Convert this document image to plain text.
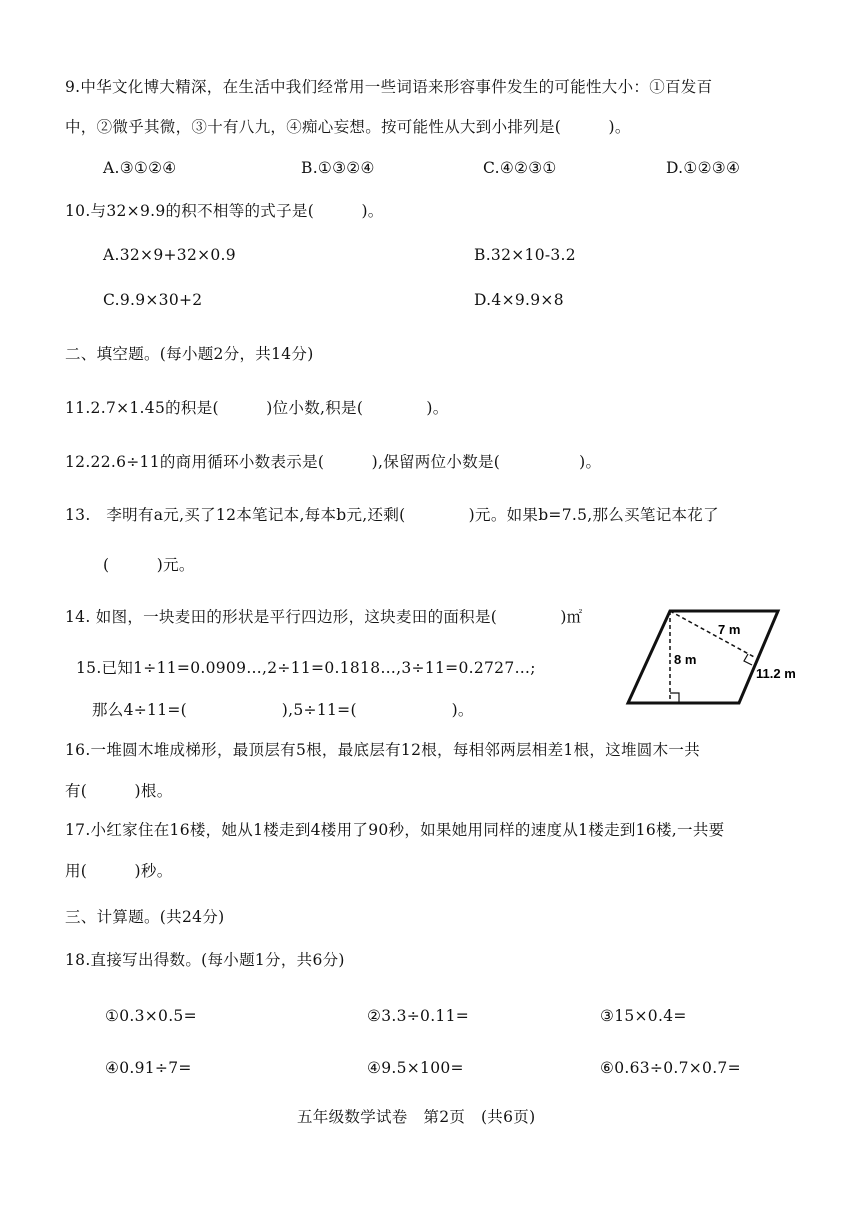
9.中华文化博大精深，在生活中我们经常用一些词语来形容事件发生的可能性大小：①百发百
中，②微乎其微，③十有八九，④痴心妄想。按可能性从大到小排列是(　　　)。
A.③①②④	B.①③②④	C.④②③①	D.①②③④
10.与32×9.9的积不相等的式子是(　　　)。
A.32×9+32×0.9	B.32×10-3.2
C.9.9×30+2	D.4×9.9×8
二、填空题。(每小题2分，共14分)
11.2.7×1.45的积是(　　　)位小数,积是(　　　　)。
12.22.6÷11的商用循环小数表示是(　　　),保留两位小数是(　　　　　)。
13.　李明有a元,买了12本笔记本,每本b元,还剩(　　　　)元。如果b=7.5,那么买笔记本花了
(　　　)元。
14. 如图，一块麦田的形状是平行四边形，这块麦田的面积是(　　　　)㎡
7 m
8 m
11.2 m
15.已知1÷11=0.0909…,2÷11=0.1818…,3÷11=0.2727…;
那么4÷11=(　　　　　　),5÷11=(　　　　　　)。
16.一堆圆木堆成梯形，最顶层有5根，最底层有12根，每相邻两层相差1根，这堆圆木一共
有(　　　)根。
17.小红家住在16楼，她从1楼走到4楼用了90秒，如果她用同样的速度从1楼走到16楼,一共要
用(　　　)秒。
三、计算题。(共24分)
18.直接写出得数。(每小题1分，共6分)
①0.3×0.5=	②3.3÷0.11=	③15×0.4=
④0.91÷7=	④9.5×100=	⑥0.63÷0.7×0.7=
五年级数学试卷　第2页　(共6页)
